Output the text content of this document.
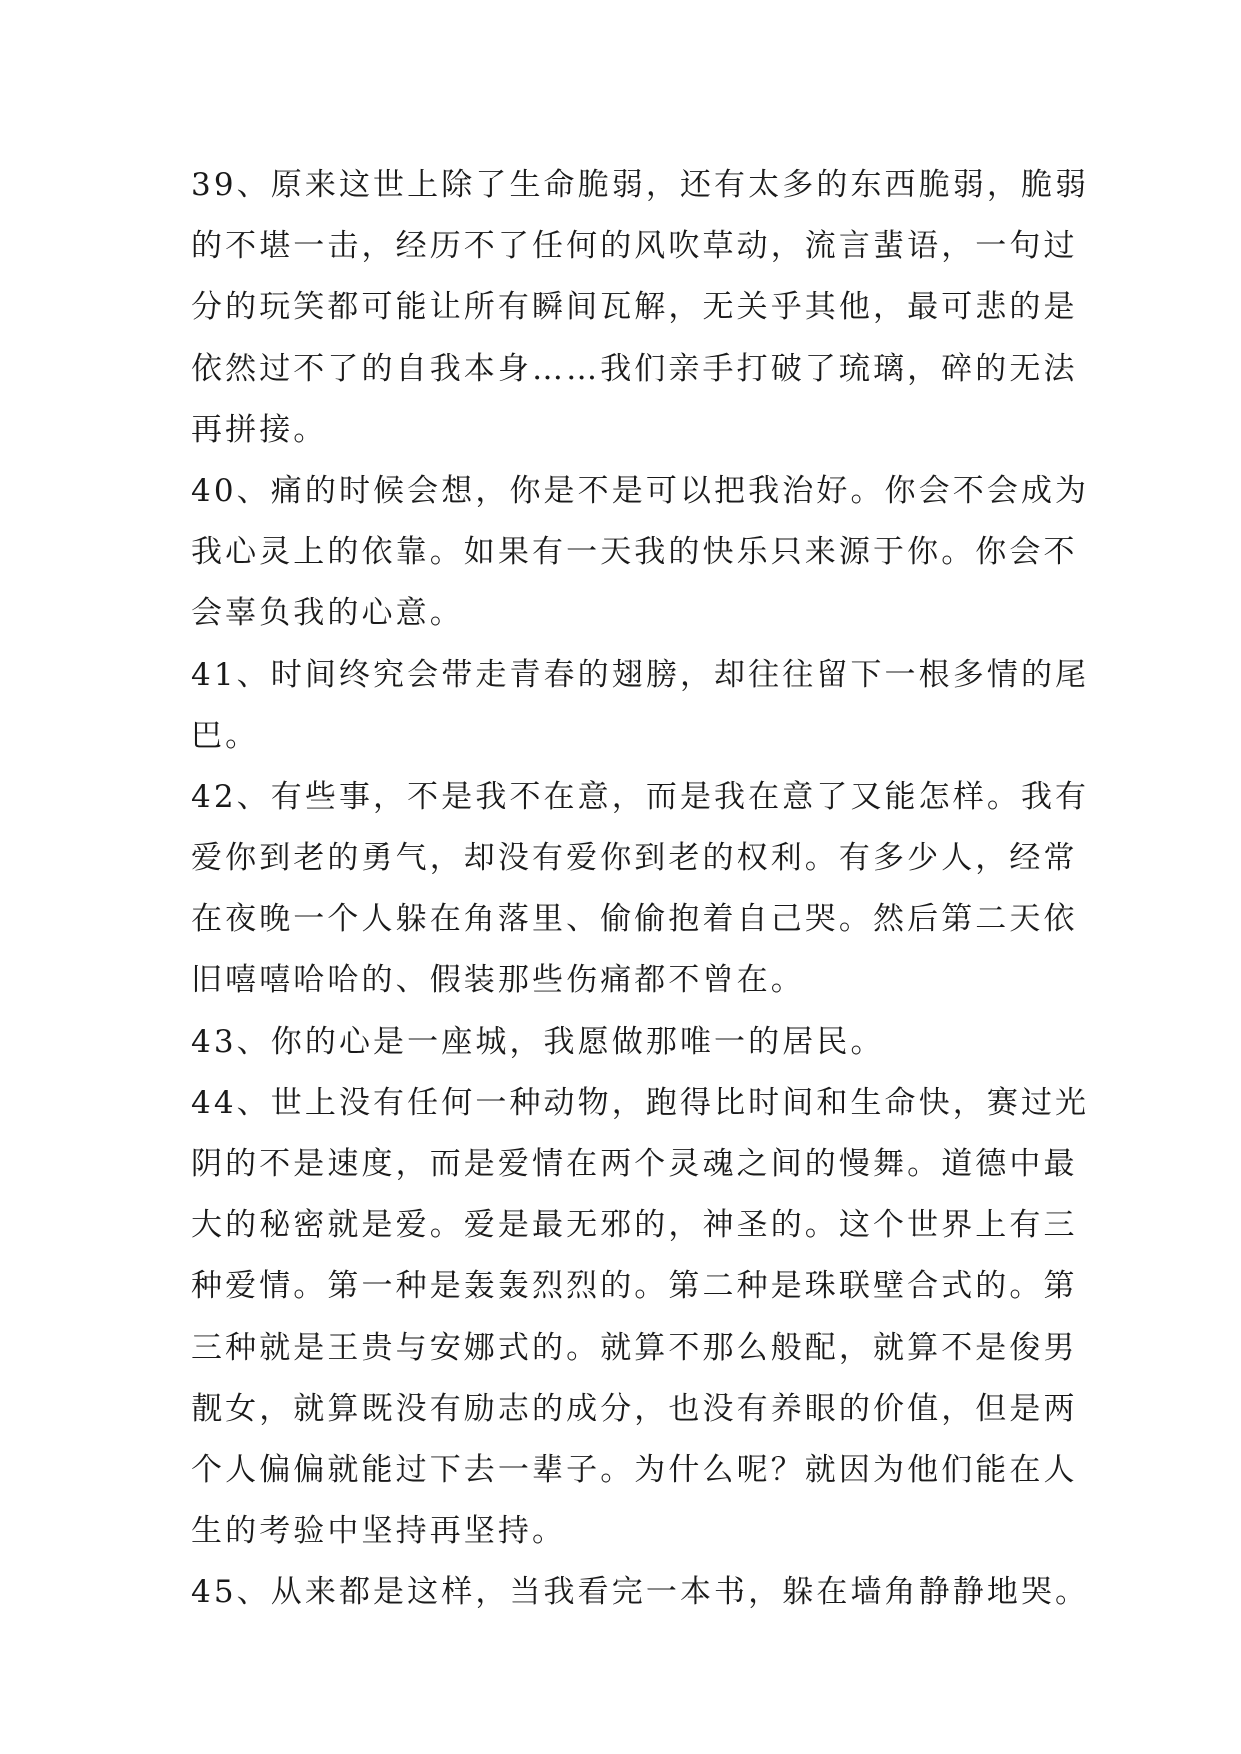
39、原来这世上除了生命脆弱，还有太多的东西脆弱，脆弱
的不堪一击，经历不了任何的风吹草动，流言蜚语，一句过
分的玩笑都可能让所有瞬间瓦解，无关乎其他，最可悲的是
依然过不了的自我本身……我们亲手打破了琉璃，碎的无法
再拼接。
40、痛的时候会想，你是不是可以把我治好。你会不会成为
我心灵上的依靠。如果有一天我的快乐只来源于你。你会不
会辜负我的心意。
41、时间终究会带走青春的翅膀，却往往留下一根多情的尾
巴。
42、有些事，不是我不在意，而是我在意了又能怎样。我有
爱你到老的勇气，却没有爱你到老的权利。有多少人，经常
在夜晚一个人躲在角落里、偷偷抱着自己哭。然后第二天依
旧嘻嘻哈哈的、假装那些伤痛都不曾在。
43、你的心是一座城，我愿做那唯一的居民。
44、世上没有任何一种动物，跑得比时间和生命快，赛过光
阴的不是速度，而是爱情在两个灵魂之间的慢舞。道德中最
大的秘密就是爱。爱是最无邪的，神圣的。这个世界上有三
种爱情。第一种是轰轰烈烈的。第二种是珠联壁合式的。第
三种就是王贵与安娜式的。就算不那么般配，就算不是俊男
靓女，就算既没有励志的成分，也没有养眼的价值，但是两
个人偏偏就能过下去一辈子。为什么呢？就因为他们能在人
生的考验中坚持再坚持。
45、从来都是这样，当我看完一本书，躲在墙角静静地哭。
